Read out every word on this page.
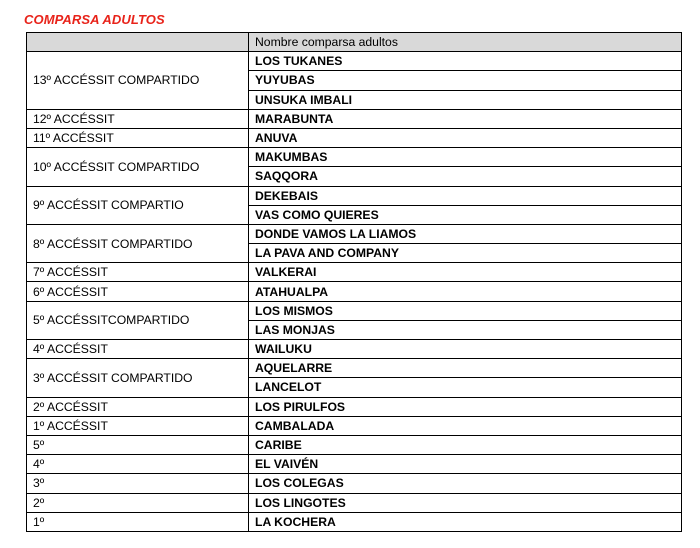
COMPARSA ADULTOS
	Nombre comparsa adultos
13º ACCÉSSIT COMPARTIDO	LOS TUKANES
	YUYUBAS
	UNSUKA IMBALI
12º ACCÉSSIT	MARABUNTA
11º ACCÉSSIT	ANUVA
10º ACCÉSSIT COMPARTIDO	MAKUMBAS
	SAQQORA
9º ACCÉSSIT COMPARTIO	DEKEBAIS
	VAS COMO QUIERES
8º ACCÉSSIT COMPARTIDO	DONDE VAMOS LA LIAMOS
	LA PAVA AND COMPANY
7º ACCÉSSIT	VALKERAI
6º ACCÉSSIT	ATAHUALPA
5º ACCÉSSITCOMPARTIDO	LOS MISMOS
	LAS MONJAS
4º ACCÉSSIT	WAILUKU
3º ACCÉSSIT COMPARTIDO	AQUELARRE
	LANCELOT
2º ACCÉSSIT	LOS PIRULFOS
1º ACCÉSSIT	CAMBALADA
5º	CARIBE
4º	EL VAIVÉN
3º	LOS COLEGAS
2º	LOS LINGOTES
1º	LA KOCHERA
